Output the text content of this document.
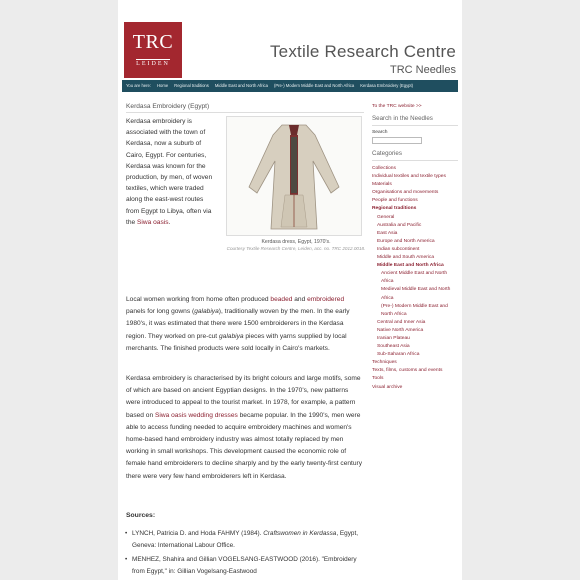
TRC
LEIDEN
Textile Research Centre
TRC Needles
You are here: Home Regional traditions Middle East and North Africa (Pre-) Modern Middle East and North Africa Kerdasa Embroidery (Egypt)
Kerdasa Embroidery (Egypt)
Kerdasa embroidery is associated with the town of Kerdasa, now a suburb of Cairo, Egypt. For centuries, Kerdasa was known for the production, by men, of woven textiles, which were traded along the east-west routes from Egypt to Libya, often via the Siwa oasis.
Kerdasa dress, Egypt, 1970's.
Courtesy Textile Research Centre, Leiden, acc. no. TRC 2012.0018.
Local women working from home often produced beaded and embroidered panels for long gowns (galabiya), traditionally woven by the men. In the early 1980's, it was estimated that there were 1500 embroiderers in the Kerdasa region. They worked on pre-cut galabiya pieces with yarns supplied by local merchants. The finished products were sold locally in Cairo's markets.
Kerdasa embroidery is characterised by its bright colours and large motifs, some of which are based on ancient Egyptian designs. In the 1970's, new patterns were introduced to appeal to the tourist market. In 1978, for example, a pattern based on Siwa oasis wedding dresses became popular. In the 1990's, men were able to access funding needed to acquire embroidery machines and women's home-based hand embroidery industry was almost totally replaced by men working in small workshops. This development caused the economic role of female hand embroiderers to decline sharply and by the early twenty-first century there were very few hand embroiderers left in Kerdasa.
Sources:
• LYNCH, Patricia D. and Hoda FAHMY (1984). Craftswomen in Kerdassa, Egypt, Geneva: International Labour Office.
• MENHEZ, Shahira and Gillian VOGELSANG-EASTWOOD (2016). "Embroidery from Egypt," in: Gillian Vogelsang-Eastwood
To the TRC website >>
Search in the Needles
Search
Categories
Collections
Individual textiles and textile types
Materials
Organisations and movements
People and functions
Regional traditions
General
Australia and Pacific
East Asia
Europe and North America
Indian subcontinent
Middle and South America
Middle East and North Africa
Ancient Middle East and North Africa
Medieval Middle East and North Africa
(Pre-) Modern Middle East and North Africa
Central and Inner Asia
Native North America
Iranian Plateau
Southeast Asia
Sub-Saharan Africa
Techniques
Texts, films, customs and events
Tools
Visual archive
